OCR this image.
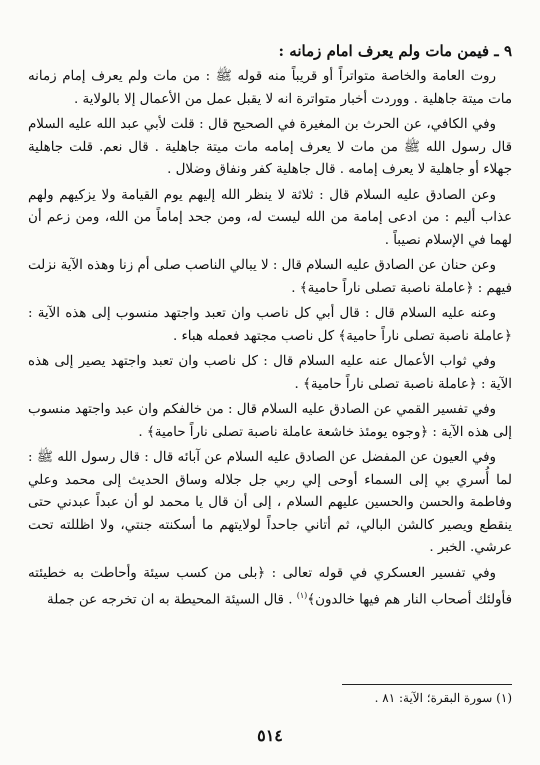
٩ ـ فيمن مات ولم يعرف امام زمانه :

روت العامة والخاصة متواتراً أو قريباً منه قوله ﷺ : من مات ولم يعرف إمام زمانه مات ميتة جاهلية . ووردت أخبار متواترة انه لا يقبل عمل من الأعمال إلا بالولاية .

وفي الكافي، عن الحرث بن المغيرة في الصحيح قال : قلت لأبي عبد الله عليه السلام قال رسول الله ﷺ من مات لا يعرف إمامه مات ميتة جاهلية . قال نعم. قلت جاهلية جهلاء أو جاهلية لا يعرف إمامه . قال جاهلية كفر ونفاق وضلال .

وعن الصادق عليه السلام قال : ثلاثة لا ينظر الله إليهم يوم القيامة ولا يزكيهم ولهم عذاب أليم : من ادعى إمامة من الله ليست له، ومن جحد إماماً من الله، ومن زعم أن لهما في الإسلام نصيباً .

وعن حنان عن الصادق عليه السلام قال : لا يبالي الناصب صلى أم زنا وهذه الآية نزلت فيهم : ﴿عاملة ناصبة تصلى ناراً حامية﴾ .

وعنه عليه السلام قال : قال أبي كل ناصب وان تعبد واجتهد منسوب إلى هذه الآية : ﴿عاملة ناصبة تصلى ناراً حامية﴾ كل ناصب مجتهد فعمله هباء .

وفي ثواب الأعمال عنه عليه السلام قال : كل ناصب وان تعبد واجتهد يصير إلى هذه الآية : ﴿عاملة ناصبة تصلى ناراً حامية﴾ .

وفي تفسير القمي عن الصادق عليه السلام قال : من خالفكم وان عبد واجتهد منسوب إلى هذه الآية : ﴿وجوه يومئذ خاشعة عاملة ناصبة تصلى ناراً حامية﴾ .

وفي العيون عن المفضل عن الصادق عليه السلام عن آبائه قال : قال رسول الله ﷺ : لما أُسري بي إلى السماء أوحى إلي ربي جل جلاله وساق الحديث إلى محمد وعلي وفاطمة والحسن والحسين عليهم السلام ، إلى أن قال يا محمد لو أن عبداً عبدني حتى ينقطع ويصير كالشن البالي، ثم أتاني جاحداً لولايتهم ما أسكنته جنتي، ولا اظللته تحت عرشي. الخبر .

وفي تفسير العسكري في قوله تعالى : ﴿بلى من كسب سيئة وأحاطت به خطيئته فأولئك أصحاب النار هم فيها خالدون﴾$^{(١)}$ . قال السيئة المحيطة به ان تخرجه عن جملة

(١) سورة البقرة؛ الآية: ٨١ .
٥١٤
